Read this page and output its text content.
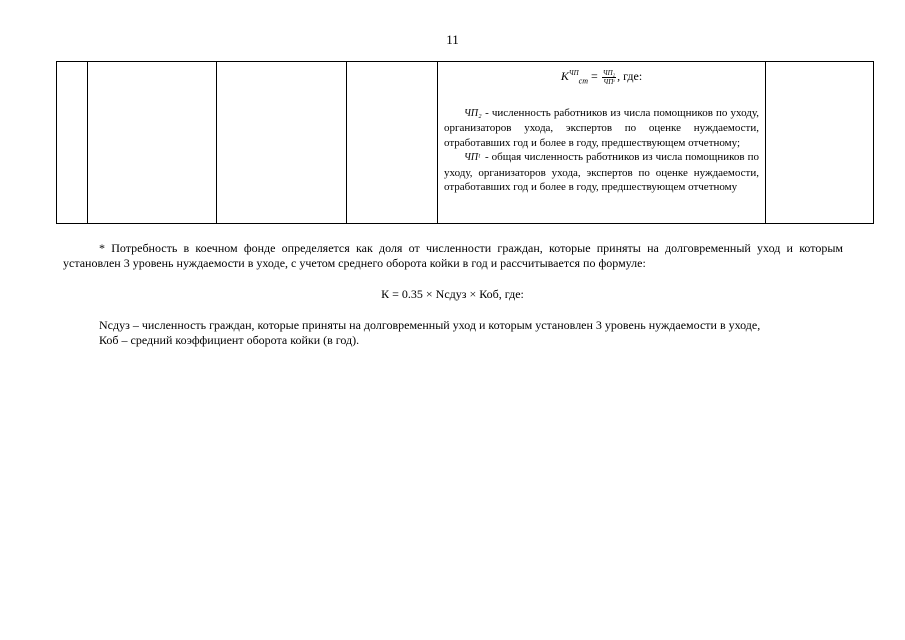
11

$К^{ЧП}_{ст} = \frac{\text{ЧП₂}}{\text{ЧПᵗ}}$ , где:
ЧП₂ - численность работников из числа помощников по уходу, организаторов ухода, экспертов по оценке нуждаемости, отработавших год и более в году, предшествующем отчетному;
ЧПᵗ - общая численность работников из числа помощников по уходу, организаторов ухода, экспертов по оценке нуждаемости, отработавших год и более в году, предшествующем отчетному

* Потребность в коечном фонде определяется как доля от численности граждан, которые приняты на долговременный уход и которым установлен 3 уровень нуждаемости в уходе, с учетом среднего оборота койки в год и рассчитывается по формуле:
К = 0.35 × Nсдуз × Коб, где:
Nсдуз – численность граждан, которые приняты на долговременный уход и которым установлен 3 уровень нуждаемости в уходе,
Коб – средний коэффициент оборота койки (в год).
